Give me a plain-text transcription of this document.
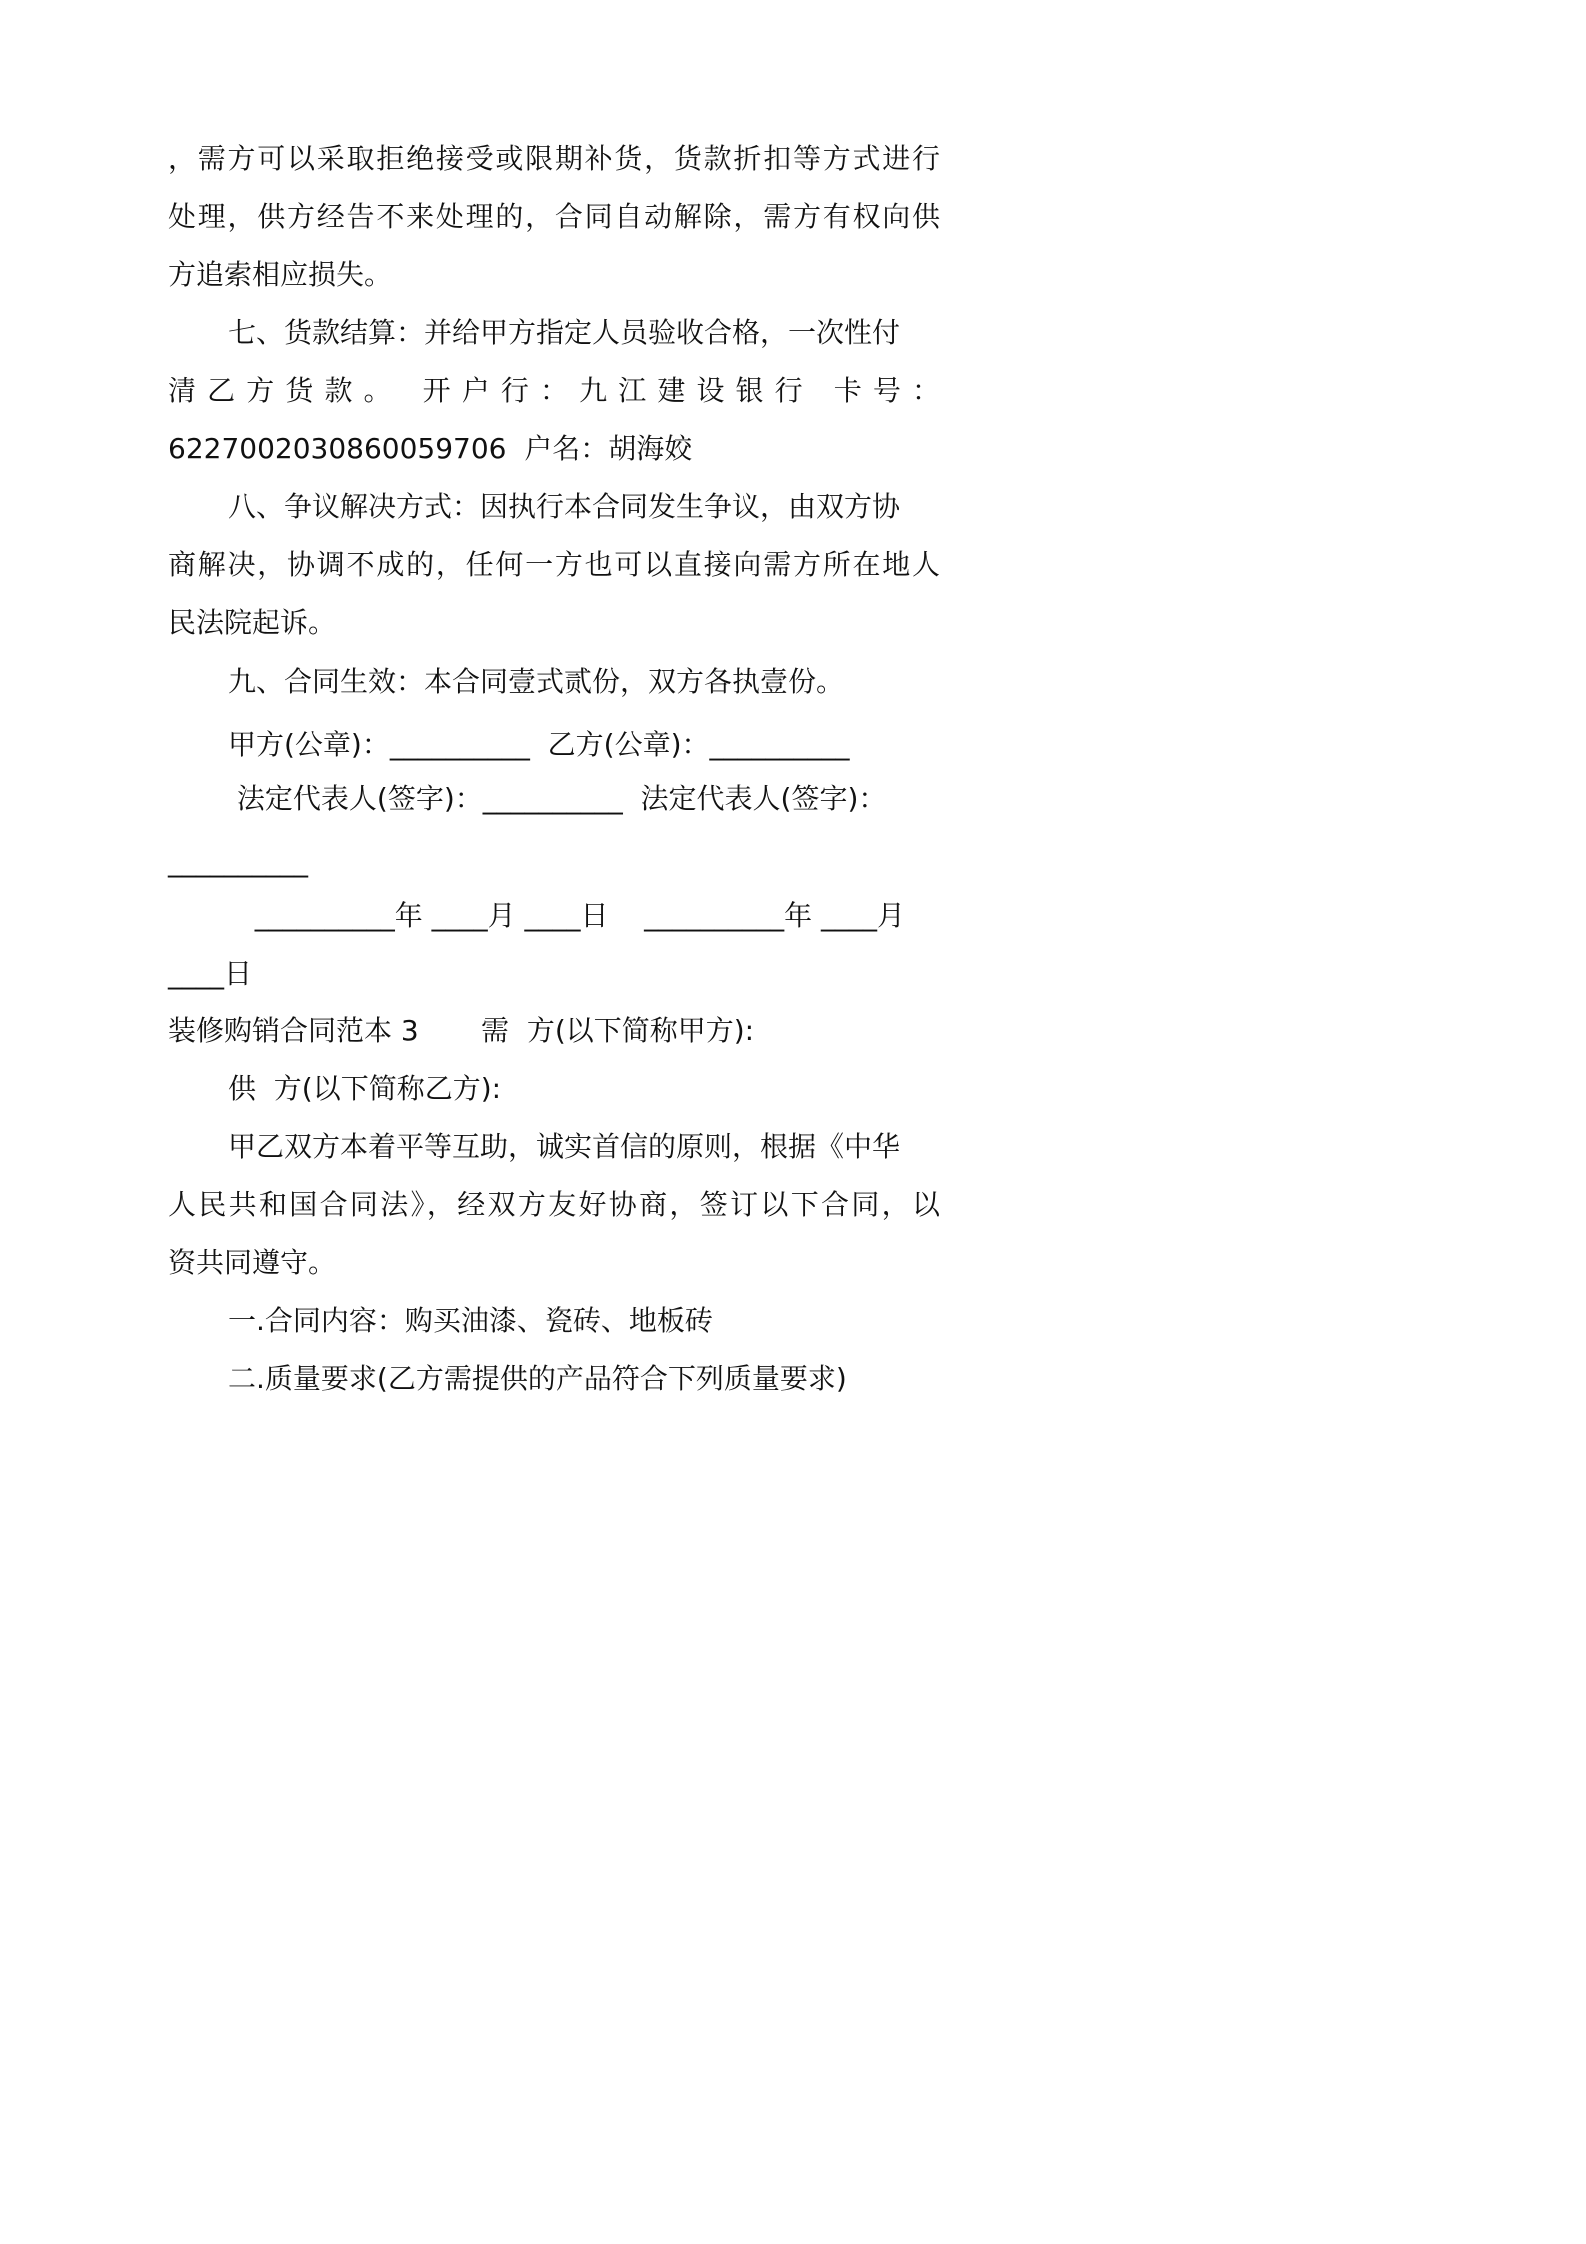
，需方可以采取拒绝接受或限期补货，货款折扣等方式进行

处理，供方经告不来处理的，合同自动解除，需方有权向供

方追索相应损失。

七、货款结算：并给甲方指定人员验收合格，一次性付

清 乙 方 货 款 。   开 户 行 ： 九 江 建 设 银 行   卡 号 ：

6227002030860059706  户名：胡海姣

八、争议解决方式：因执行本合同发生争议，由双方协

商解决，协调不成的，任何一方也可以直接向需方所在地人

民法院起诉。

九、合同生效：本合同壹式贰份，双方各执壹份。

甲方(公章)：__________  乙方(公章)：__________

法定代表人(签字)：__________  法定代表人(签字)：

__________

__________年 ____月 ____日    __________年 ____月

____日

装修购销合同范本 3       需  方(以下简称甲方):

供  方(以下简称乙方):

甲乙双方本着平等互助，诚实首信的原则，根据《中华

人民共和国合同法》，经双方友好协商，签订以下合同，以

资共同遵守。

一.合同内容：购买油漆、瓷砖、地板砖

二.质量要求(乙方需提供的产品符合下列质量要求)
